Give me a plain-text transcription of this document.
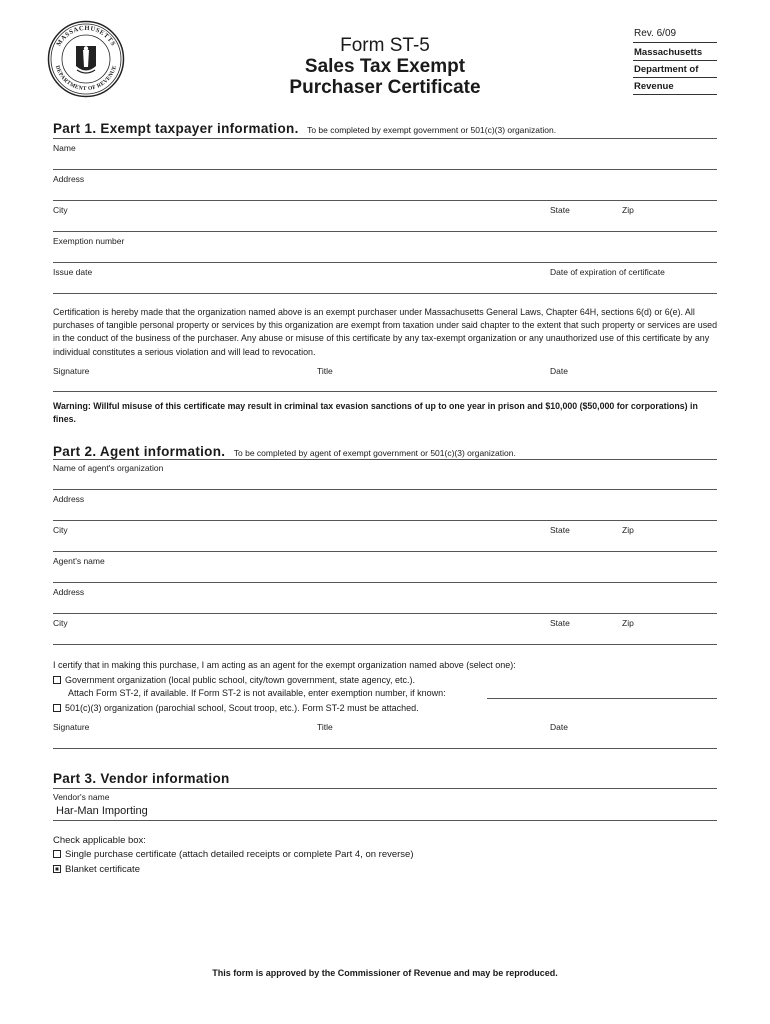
MASSACHUSETTS
DEPARTMENT OF REVENUE
Form ST-5
Sales Tax Exempt
Purchaser Certificate
Rev. 6/09
Massachusetts
Department of
Revenue
Part 1. Exempt taxpayer information. To be completed by exempt government or 501(c)(3) organization.
Name
Address
City	State	Zip
Exemption number
Issue date	Date of expiration of certificate
Certification is hereby made that the organization named above is an exempt purchaser under Massachusetts General Laws, Chapter 64H, sections 6(d) or 6(e). All purchases of tangible personal property or services by this organization are exempt from taxation under said chapter to the extent that such property or services are used in the conduct of the business of the purchaser. Any abuse or misuse of this certificate by any tax-exempt organization or any unauthorized use of this certificate by any individual constitutes a serious violation and will lead to revocation.
Signature	Title	Date
Warning: Willful misuse of this certificate may result in criminal tax evasion sanctions of up to one year in prison and $10,000 ($50,000 for corporations) in fines.
Part 2. Agent information. To be completed by agent of exempt government or 501(c)(3) organization.
Name of agent's organization
Address
City	State	Zip
Agent's name
Address
City	State	Zip
I certify that in making this purchase, I am acting as an agent for the exempt organization named above (select one):
Government organization (local public school, city/town government, state agency, etc.).
Attach Form ST-2, if available. If Form ST-2 is not available, enter exemption number, if known:
501(c)(3) organization (parochial school, Scout troop, etc.). Form ST-2 must be attached.
Signature	Title	Date
Part 3. Vendor information
Vendor's name
Har-Man Importing
Check applicable box:
Single purchase certificate (attach detailed receipts or complete Part 4, on reverse)
Blanket certificate
This form is approved by the Commissioner of Revenue and may be reproduced.
